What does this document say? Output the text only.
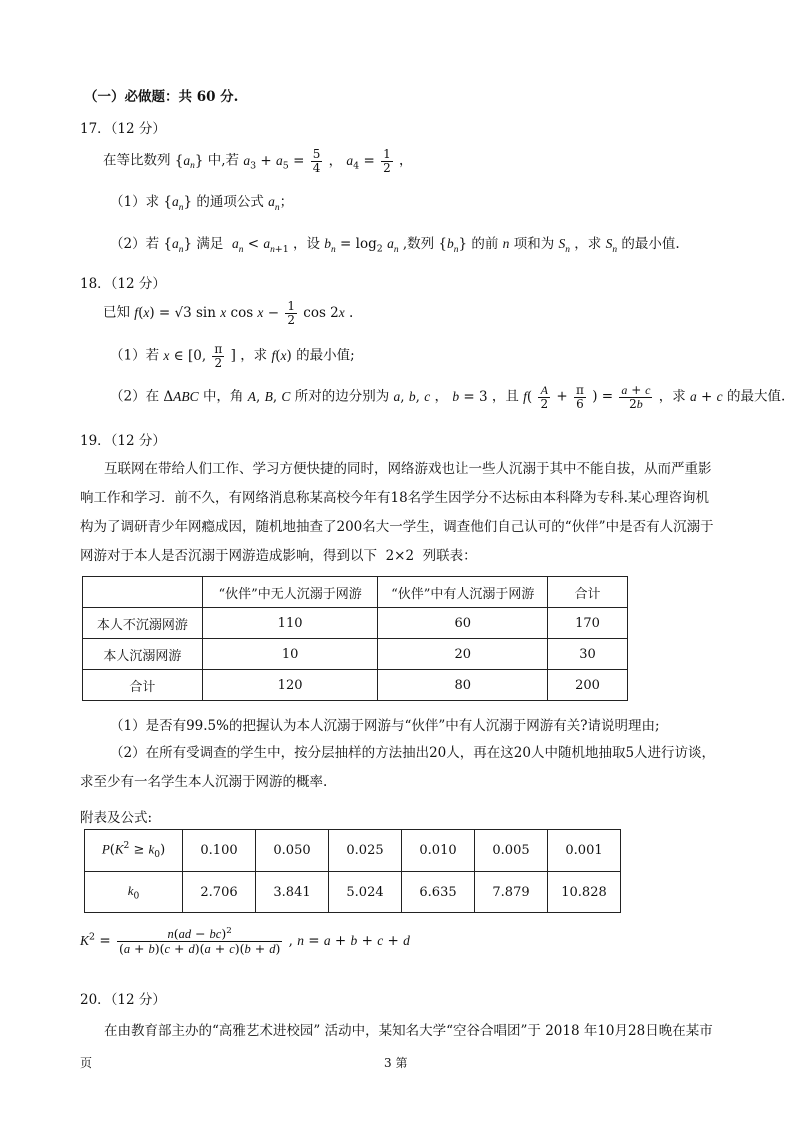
（一）必做题：共 60 分.
17．（12 分）
在等比数列 $\{a_n\}$ 中,若 $a_3 + a_5 = \frac{5}{4}$ ， $a_4 = \frac{1}{2}$ ，
（1）求 $\{a_n\}$ 的通项公式 $a_n$；
（2）若 $\{a_n\}$ 满足 $a_n < a_{n+1}$ ，设 $b_n = \log_2 a_n$ ,数列 $\{b_n\}$ 的前 n 项和为 $S_n$ ，求 $S_n$ 的最小值.
18．（12 分）
已知 f(x) = √3 sin x $\cos x - \frac{1}{2}$ cos 2x .
（1）若 x ∈ [0, $\frac{\pi}{2}$ ] ，求 f(x) 的最小值;
（2）在 ΔABC 中，角 A, B, C 所对的边分别为 a, b, c ， b = 3 ，且 $f( \frac{A}{2} + \frac{\pi}{6}$ ) = $\frac{a + c}{2b}$ ，求 a + c 的最大值.
19．（12 分）
互联网在带给人们工作、学习方便快捷的同时，网络游戏也让一些人沉溺于其中不能自拔，从而严重影响工作和学习．前不久，有网络消息称某高校今年有18名学生因学分不达标由本科降为专科.某心理咨询机构为了调研青少年网瘾成因，随机地抽查了200名大一学生，调查他们自己认可的“伙伴”中是否有人沉溺于网游对于本人是否沉溺于网游造成影响，得到以下  2×2  列联表：
	“伙伴”中无人沉溺于网游	“伙伴”中有人沉溺于网游	合计
本人不沉溺网游	110	60	170
本人沉溺网游	10	20	30
合计	120	80	200
（1）是否有99.5%的把握认为本人沉溺于网游与“伙伴”中有人沉溺于网游有关?请说明理由;
（2）在所有受调查的学生中，按分层抽样的方法抽出20人，再在这20人中随机地抽取5人进行访谈，求至少有一名学生本人沉溺于网游的概率.
附表及公式:
$P(K^2 \ge k_0)$	0.100	0.050	0.025	0.010	0.005	0.001
$k_0$	2.706	3.841	5.024	6.635	7.879	10.828
$K^2 = \frac{n(ad - bc)^2}{(a + b)(c + d)(a + c)(b + d)}$ , n = a + b + c + d
20．（12 分）
在由教育部主办的“高雅艺术进校园” 活动中，某知名大学“空谷合唱团”于 2018 年10月28日晚在某市
页	3 第
